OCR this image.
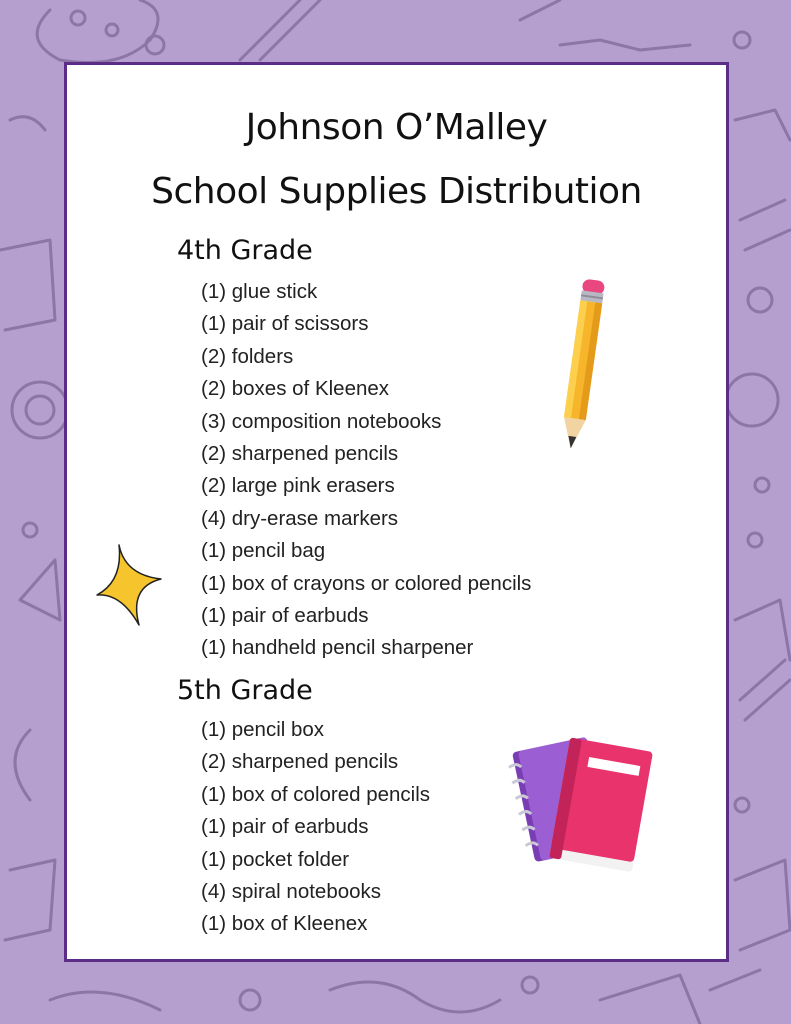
Johnson O’Malley
School Supplies Distribution
4th Grade
(1) glue stick
(1) pair of scissors
(2) folders
(2) boxes of Kleenex
(3) composition notebooks
(2) sharpened pencils
(2) large pink erasers
(4) dry-erase markers
(1) pencil bag
(1) box of crayons or colored pencils
(1) pair of earbuds
(1) handheld pencil sharpener
5th Grade
(1) pencil box
(2) sharpened pencils
(1) box of colored pencils
(1) pair of earbuds
(1) pocket folder
(4) spiral notebooks
(1) box of Kleenex
